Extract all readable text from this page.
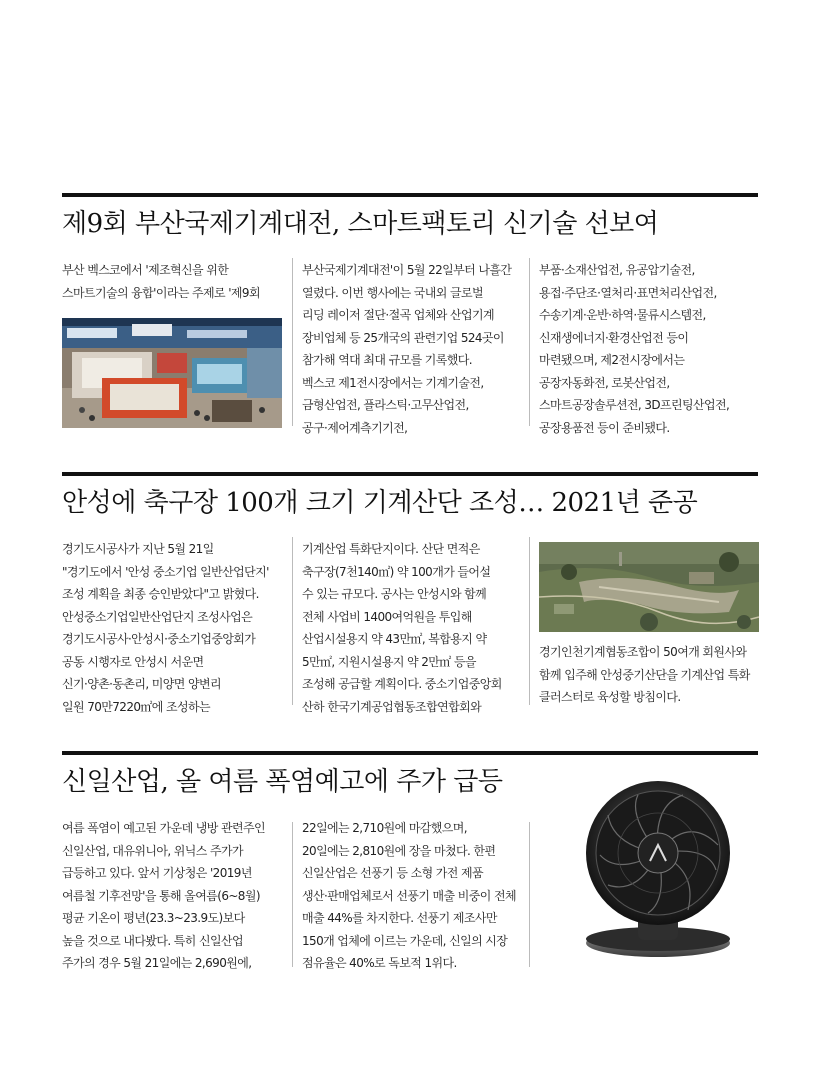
제9회 부산국제기계대전, 스마트팩토리 신기술 선보여
부산 벡스코에서 '제조혁신을 위한
스마트기술의 융합'이라는 주제로 '제9회
부산국제기계대전'이 5월 22일부터 나흘간
열렸다. 이번 행사에는 국내외 글로벌
리딩 레이저 절단·절곡 업체와 산업기계
장비업체 등 25개국의 관련기업 524곳이
참가해 역대 최대 규모를 기록했다.
벡스코 제1전시장에서는 기계기술전,
금형산업전, 플라스틱·고무산업전,
공구·제어계측기기전,
부품·소재산업전, 유공압기술전,
용접·주단조·열처리·표면처리산업전,
수송기계·운반·하역·물류시스템전,
신재생에너지·환경산업전 등이
마련됐으며, 제2전시장에서는
공장자동화전, 로봇산업전,
스마트공장솔루션전, 3D프린팅산업전,
공장용품전 등이 준비됐다.
안성에 축구장 100개 크기 기계산단 조성… 2021년 준공
경기도시공사가 지난 5월 21일
"경기도에서 '안성 중소기업 일반산업단지'
조성 계획을 최종 승인받았다"고 밝혔다.
안성중소기업일반산업단지 조성사업은
경기도시공사·안성시·중소기업중앙회가
공동 시행자로 안성시 서운면
신기·양촌·동촌리, 미양면 양변리
일원 70만7220㎡에 조성하는
기계산업 특화단지이다. 산단 면적은
축구장(7천140㎡) 약 100개가 들어설
수 있는 규모다. 공사는 안성시와 함께
전체 사업비 1400여억원을 투입해
산업시설용지 약 43만㎡, 복합용지 약
5만㎡, 지원시설용지 약 2만㎡ 등을
조성해 공급할 계획이다. 중소기업중앙회
산하 한국기계공업협동조합연합회와
경기인천기계협동조합이 50여개 회원사와
함께 입주해 안성중기산단을 기계산업 특화
클러스터로 육성할 방침이다.
신일산업, 올 여름 폭염예고에 주가 급등
여름 폭염이 예고된 가운데 냉방 관련주인
신일산업, 대유위니아, 위닉스 주가가
급등하고 있다. 앞서 기상청은 '2019년
여름철 기후전망'을 통해 올여름(6~8월)
평균 기온이 평년(23.3~23.9도)보다
높을 것으로 내다봤다. 특히 신일산업
주가의 경우 5월 21일에는 2,690원에,
22일에는 2,710원에 마감했으며,
20일에는 2,810원에 장을 마쳤다. 한편
신일산업은 선풍기 등 소형 가전 제품
생산·판매업체로서 선풍기 매출 비중이 전체
매출 44%를 차지한다. 선풍기 제조사만
150개 업체에 이르는 가운데, 신일의 시장
점유율은 40%로 독보적 1위다.
